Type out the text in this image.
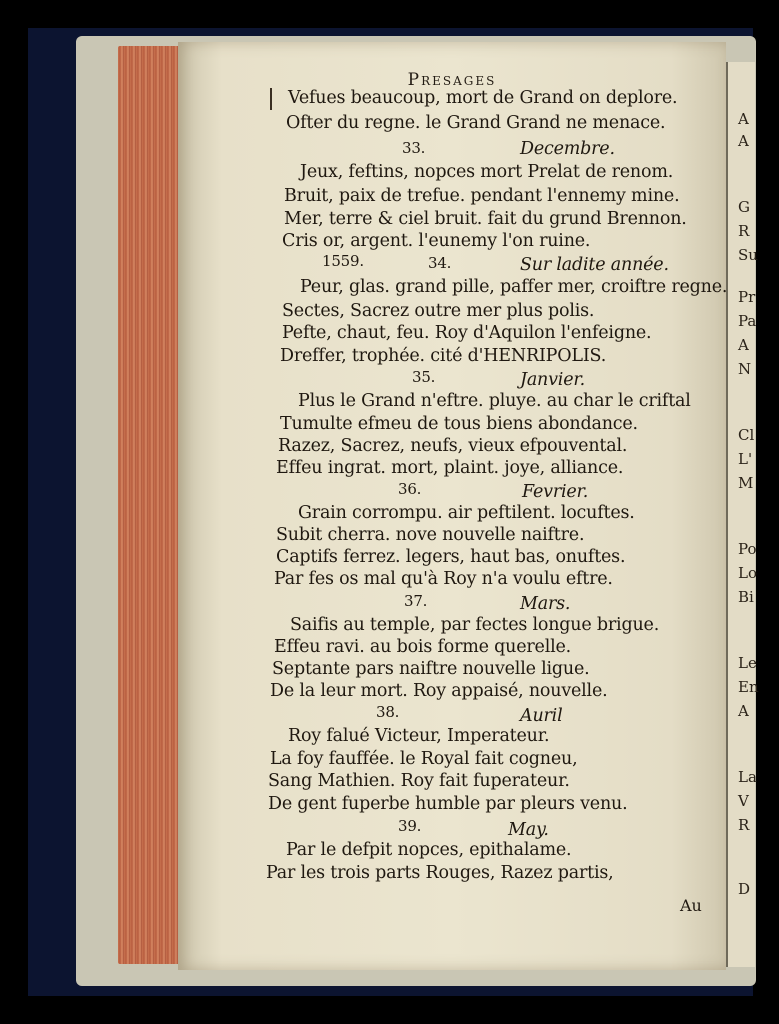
A
A
G
R
Su
Pr
Pa
A
N
Cl
L'
M
Po
Lo
Bi
Le
En
A
La
V
R
D
Presages
Vefues beaucoup, mort de Grand on deplore.
Ofter du regne. le Grand Grand ne menace.
33.	Decembre.
Jeux, feftins, nopces mort Prelat de renom.
Bruit, paix de trefue. pendant l'ennemy mine.
Mer, terre & ciel bruit. fait du grund Brennon.
Cris or, argent. l'eunemy l'on ruine.
1559.	34.	Sur ladite année.
Peur, glas. grand pille, paffer mer, croiftre regne.
Sectes, Sacrez outre mer plus polis.
Pefte, chaut, feu. Roy d'Aquilon l'enfeigne.
Dreffer, trophée. cité d'HENRIPOLIS.
35.	Janvier.
Plus le Grand n'eftre. pluye. au char le criftal
Tumulte efmeu de tous biens abondance.
Razez, Sacrez, neufs, vieux efpouvental.
Effeu ingrat. mort, plaint. joye, alliance.
36.	Fevrier.
Grain corrompu. air peftilent. locuftes.
Subit cherra. nove nouvelle naiftre.
Captifs ferrez. legers, haut bas, onuftes.
Par fes os mal qu'à Roy n'a voulu eftre.
37.	Mars.
Saifis au temple, par fectes longue brigue.
Effeu ravi. au bois forme querelle.
Septante pars naiftre nouvelle ligue.
De la leur mort. Roy appaisé, nouvelle.
38.	Auril
Roy falué Victeur, Imperateur.
La foy fauffée. le Royal fait cogneu,
Sang Mathien. Roy fait fuperateur.
De gent fuperbe humble par pleurs venu.
39.	May.
Par le defpit nopces, epithalame.
Par les trois parts Rouges, Razez partis,
Au
